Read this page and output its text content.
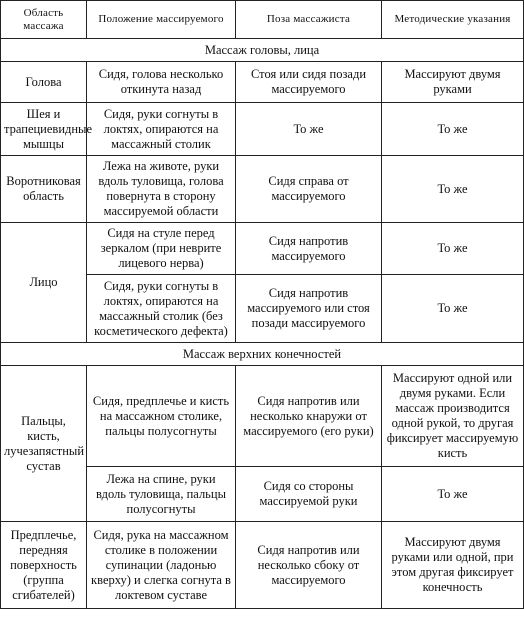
Область массажа	Положение массируемого	Поза массажиста	Методические указания
Массаж головы, лица			
Голова	Сидя, голова несколько откинута назад	Стоя или сидя позади массируемого	Массируют двумя руками
Шея и трапециевидные мышцы	Сидя, руки согнуты в локтях, опираются на массажный столик	То же	То же
Воротниковая область	Лежа на животе, руки вдоль туловища, голова повернута в сторону массируемой области	Сидя справа от массируемого	То же
Лицо	Сидя на стуле перед зеркалом (при неврите лицевого нерва)	Сидя напротив массируемого	То же
	Сидя, руки согнуты в локтях, опираются на массажный столик (без косметического дефекта)	Сидя напротив массируемого или стоя позади массируемого	То же
Массаж верхних конечностей			
Пальцы, кисть, лучезапястный сустав	Сидя, предплечье и кисть на массажном столике, пальцы полусогнуты	Сидя напротив или несколько кнаружи от массируемого (его руки)	Массируют одной или двумя руками. Если массаж производится одной рукой, то другая фиксирует массируемую кисть
	Лежа на спине, руки вдоль туловища, пальцы полусогнуты	Сидя со стороны массируемой руки	То же
Предплечье, передняя поверхность (группа сгибателей)	Сидя, рука на массажном столике в положении супинации (ладонью кверху) и слегка согнута в локтевом суставе	Сидя напротив или несколько сбоку от массируемого	Массируют двумя руками или одной, при этом другая фиксирует конечность
